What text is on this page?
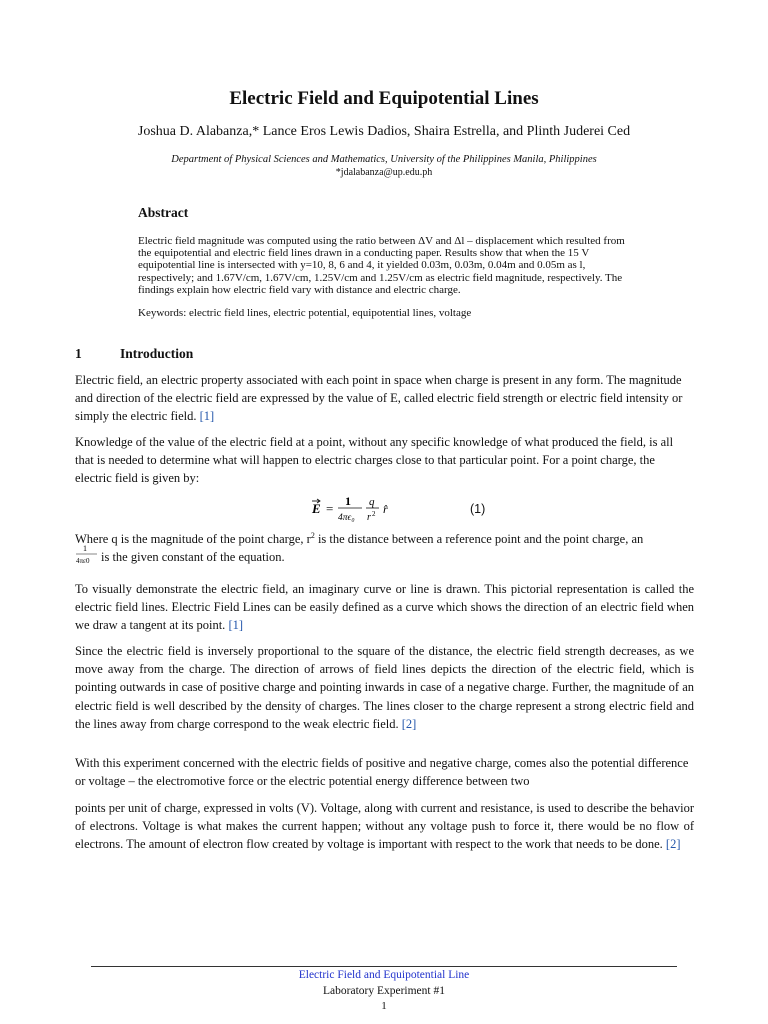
Electric Field and Equipotential Lines
Joshua D. Alabanza,* Lance Eros Lewis Dadios, Shaira Estrella, and Plinth Juderei Ced
Department of Physical Sciences and Mathematics, University of the Philippines Manila, Philippines
*jdalabanza@up.edu.ph
Abstract
Electric field magnitude was computed using the ratio between ΔV and Δl – displacement which resulted from the equipotential and electric field lines drawn in a conducting paper. Results show that when the 15 V equipotential line is intersected with y=10, 8, 6 and 4, it yielded 0.03m, 0.03m, 0.04m and 0.05m as l, respectively; and 1.67V/cm, 1.67V/cm, 1.25V/cm and 1.25V/cm as electric field magnitude, respectively. The findings explain how electric field vary with distance and electric charge.
Keywords: electric field lines, electric potential, equipotential lines, voltage
1	Introduction
Electric field, an electric property associated with each point in space when charge is present in any form. The magnitude and direction of the electric field are expressed by the value of E, called electric field strength or electric field intensity or simply the electric field. [1]
Knowledge of the value of the electric field at a point, without any specific knowledge of what produced the field, is all that is needed to determine what will happen to electric charges close to that particular point. For a point charge, the electric field is given by:
E = 1
4πϵ₀
q
r 2 r̂	(1)
Where q is the magnitude of the point charge, $r^2$ is the distance between a reference point and the point charge, an
is the given constant of the equation.
1
4πε0
To visually demonstrate the electric field, an imaginary curve or line is drawn. This pictorial representation is called the electric field lines. Electric Field Lines can be easily defined as a curve which shows the direction of an electric field when we draw a tangent at its point. [1]
Since the electric field is inversely proportional to the square of the distance, the electric field strength decreases, as we move away from the charge. The direction of arrows of field lines depicts the direction of the electric field, which is pointing outwards in case of positive charge and pointing inwards in case of a negative charge. Further, the magnitude of an electric field is well described by the density of charges. The lines closer to the charge represent a strong electric field and the lines away from charge correspond to the weak electric field. [2]
With this experiment concerned with the electric fields of positive and negative charge, comes also the potential difference or voltage – the electromotive force or the electric potential energy difference between two
points per unit of charge, expressed in volts (V). Voltage, along with current and resistance, is used to describe the behavior of electrons. Voltage is what makes the current happen; without any voltage push to force it, there would be no flow of electrons. The amount of electron flow created by voltage is important with respect to the work that needs to be done. [2]
Electric Field and Equipotential Line
Laboratory Experiment #1
1
